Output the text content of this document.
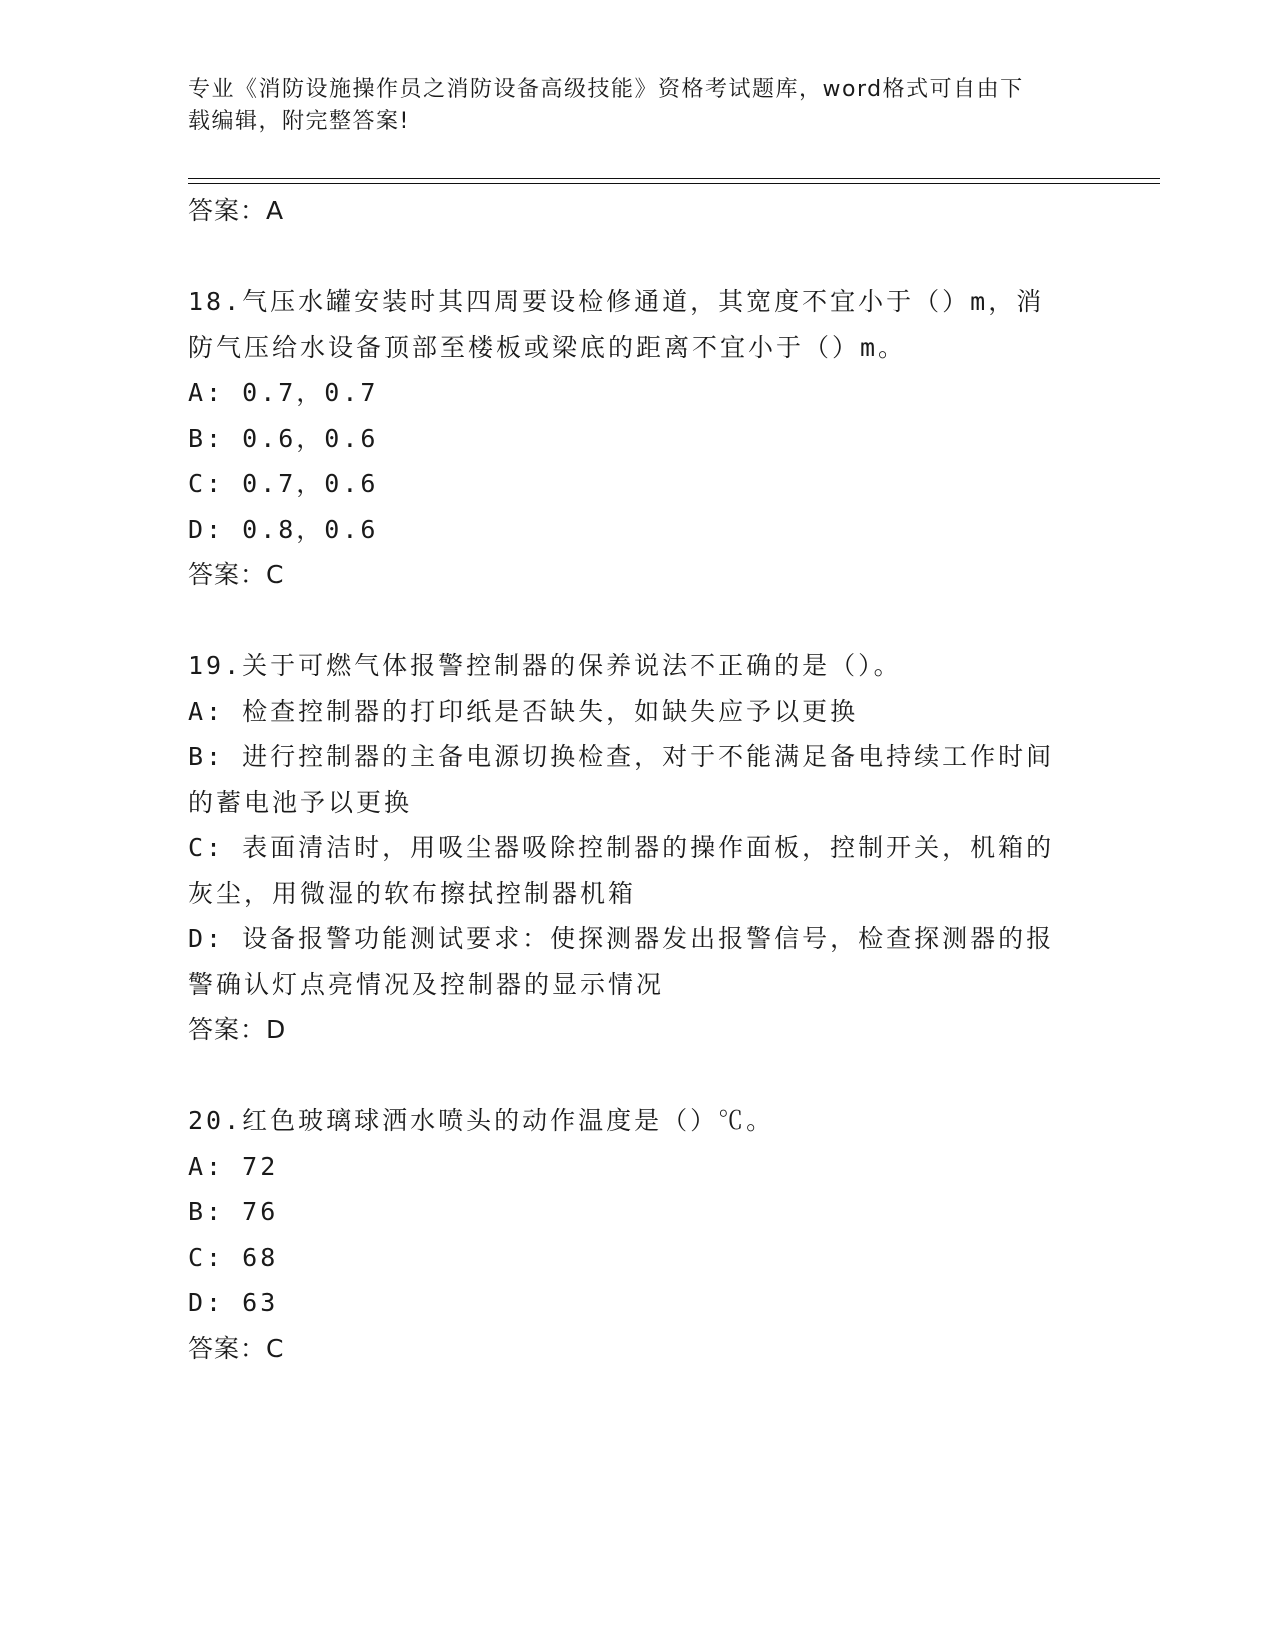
专业《消防设施操作员之消防设备高级技能》资格考试题库，word格式可自由下
载编辑，附完整答案!
答案：A
18.气压水罐安装时其四周要设检修通道，其宽度不宜小于（）m，消
防气压给水设备顶部至楼板或梁底的距离不宜小于（）m。
A: 0.7，0.7
B: 0.6，0.6
C: 0.7，0.6
D: 0.8，0.6
答案：C
19.关于可燃气体报警控制器的保养说法不正确的是（）。
A: 检查控制器的打印纸是否缺失，如缺失应予以更换
B: 进行控制器的主备电源切换检查，对于不能满足备电持续工作时间
的蓄电池予以更换
C: 表面清洁时，用吸尘器吸除控制器的操作面板，控制开关，机箱的
灰尘，用微湿的软布擦拭控制器机箱
D: 设备报警功能测试要求：使探测器发出报警信号，检查探测器的报
警确认灯点亮情况及控制器的显示情况
答案：D
20.红色玻璃球洒水喷头的动作温度是（）℃。
A: 72
B: 76
C: 68
D: 63
答案：C
